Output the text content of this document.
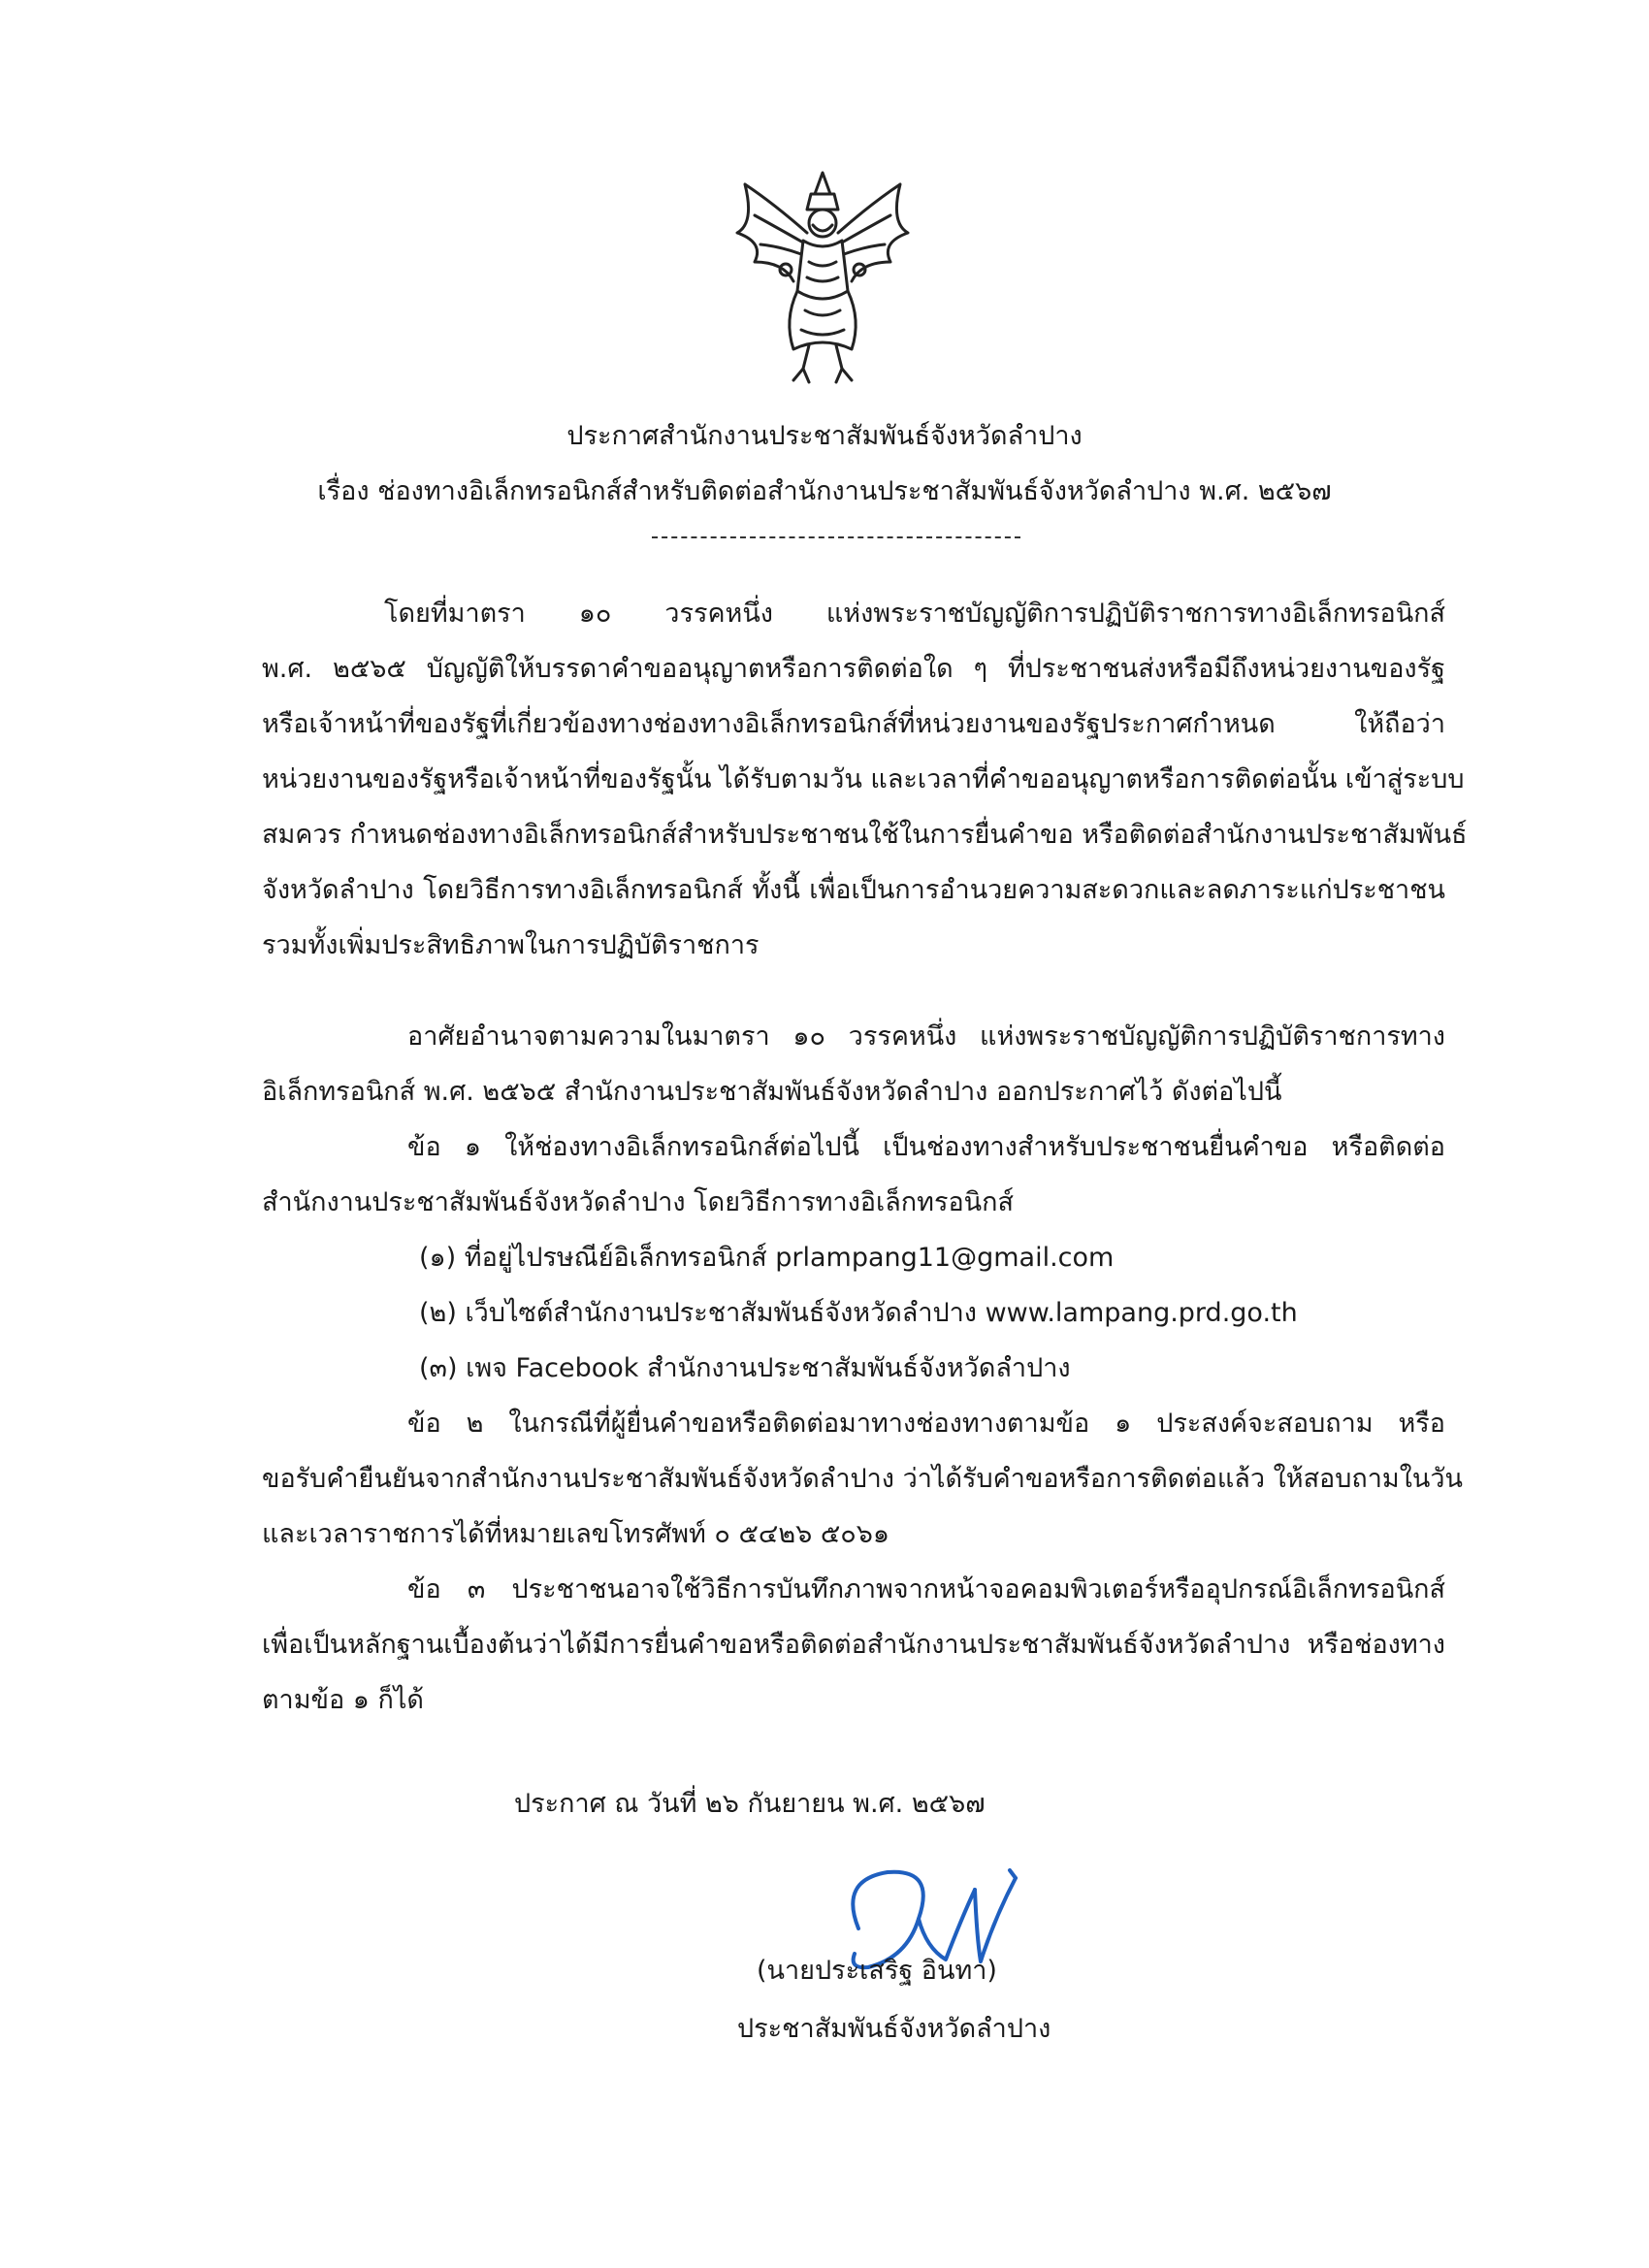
ประกาศสำนักงานประชาสัมพันธ์จังหวัดลำปาง
เรื่อง ช่องทางอิเล็กทรอนิกส์สำหรับติดต่อสำนักงานประชาสัมพันธ์จังหวัดลำปาง พ.ศ. ๒๕๖๗
โดยที่มาตรา ๑๐ วรรคหนึ่ง แห่งพระราชบัญญัติการปฏิบัติราชการทางอิเล็กทรอนิกส์
พ.ศ. ๒๕๖๕ บัญญัติให้บรรดาคำขออนุญาตหรือการติดต่อใด ๆ ที่ประชาชนส่งหรือมีถึงหน่วยงานของรัฐ
หรือเจ้าหน้าที่ของรัฐที่เกี่ยวข้องทางช่องทางอิเล็กทรอนิกส์ที่หน่วยงานของรัฐประกาศกำหนด ให้ถือว่า
หน่วยงานของรัฐหรือเจ้าหน้าที่ของรัฐนั้น ได้รับตามวัน และเวลาที่คำขออนุญาตหรือการติดต่อนั้น เข้าสู่ระบบ
สมควร กำหนดช่องทางอิเล็กทรอนิกส์สำหรับประชาชนใช้ในการยื่นคำขอ หรือติดต่อสำนักงานประชาสัมพันธ์
จังหวัดลำปาง โดยวิธีการทางอิเล็กทรอนิกส์ ทั้งนี้ เพื่อเป็นการอำนวยความสะดวกและลดภาระแก่ประชาชน
รวมทั้งเพิ่มประสิทธิภาพในการปฏิบัติราชการ
อาศัยอำนาจตามความในมาตรา ๑๐ วรรคหนึ่ง แห่งพระราชบัญญัติการปฏิบัติราชการทาง
อิเล็กทรอนิกส์ พ.ศ. ๒๕๖๕ สำนักงานประชาสัมพันธ์จังหวัดลำปาง ออกประกาศไว้ ดังต่อไปนี้
ข้อ ๑ ให้ช่องทางอิเล็กทรอนิกส์ต่อไปนี้ เป็นช่องทางสำหรับประชาชนยื่นคำขอ หรือติดต่อ
สำนักงานประชาสัมพันธ์จังหวัดลำปาง โดยวิธีการทางอิเล็กทรอนิกส์
(๑) ที่อยู่ไปรษณีย์อิเล็กทรอนิกส์ prlampang11@gmail.com
(๒) เว็บไซต์สำนักงานประชาสัมพันธ์จังหวัดลำปาง www.lampang.prd.go.th
(๓) เพจ Facebook สำนักงานประชาสัมพันธ์จังหวัดลำปาง
ข้อ ๒ ในกรณีที่ผู้ยื่นคำขอหรือติดต่อมาทางช่องทางตามข้อ ๑ ประสงค์จะสอบถาม หรือ
ขอรับคำยืนยันจากสำนักงานประชาสัมพันธ์จังหวัดลำปาง ว่าได้รับคำขอหรือการติดต่อแล้ว ให้สอบถามในวัน
และเวลาราชการได้ที่หมายเลขโทรศัพท์ ๐ ๕๔๒๖ ๕๐๖๑
ข้อ ๓ ประชาชนอาจใช้วิธีการบันทึกภาพจากหน้าจอคอมพิวเตอร์หรืออุปกรณ์อิเล็กทรอนิกส์
เพื่อเป็นหลักฐานเบื้องต้นว่าได้มีการยื่นคำขอหรือติดต่อสำนักงานประชาสัมพันธ์จังหวัดลำปาง หรือช่องทาง
ตามข้อ ๑ ก็ได้
ประกาศ ณ วันที่ ๒๖ กันยายน พ.ศ. ๒๕๖๗
(นายประเสริฐ อินทา)
ประชาสัมพันธ์จังหวัดลำปาง
